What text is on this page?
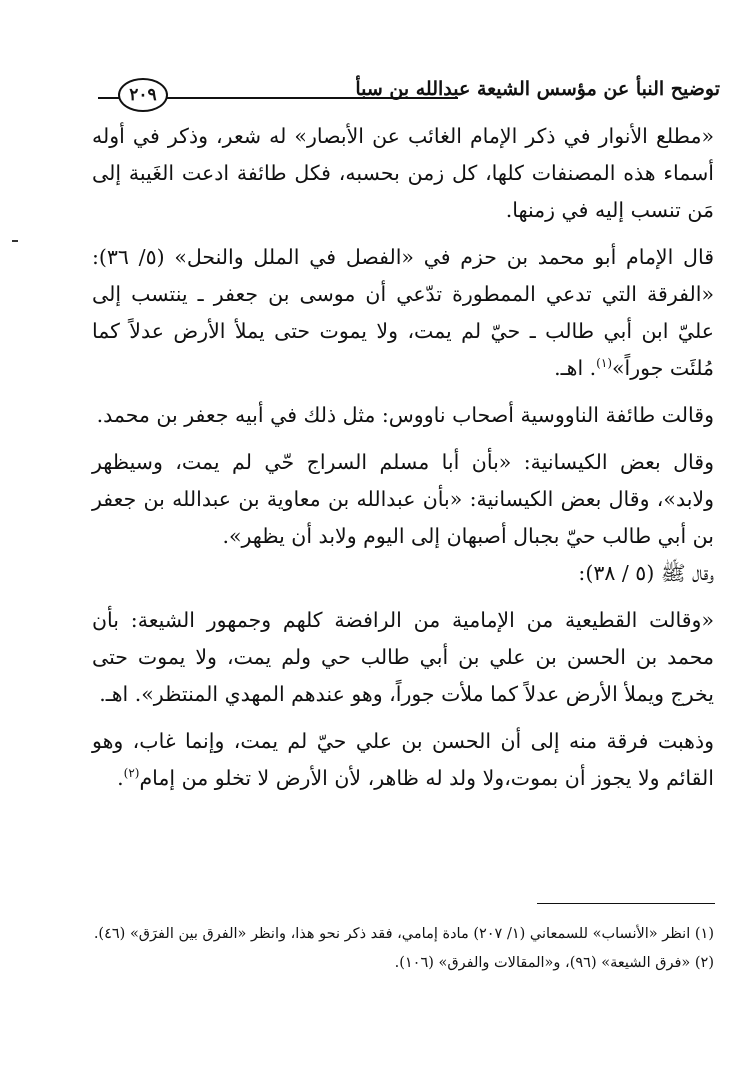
توضيح النبأ عن مؤسس الشيعة عبدالله بن سبأ
٢٠٩

«مطلع الأنوار في ذكر الإمام الغائب عن الأبصار» له شعر، وذكر في أوله أسماء هذه المصنفات كلها، كل زمن بحسبه، فكل طائفة ادعت الغَيبة إلى مَن تنسب إليه في زمنها.

قال الإمام أبو محمد بن حزم في «الفصل في الملل والنحل» (٥/ ٣٦): «الفرقة التي تدعي الممطورة تدّعي أن موسى بن جعفر ـ ينتسب إلى عليّ ابن أبي طالب ـ حيّ لم يمت، ولا يموت حتى يملأ الأرض عدلاً كما مُلئَت جوراً»$^{(١)}$. اهـ.

وقالت طائفة الناووسية أصحاب ناووس: مثل ذلك في أبيه جعفر بن محمد.

وقال بعض الكيسانية: «بأن أبا مسلم السراج حّي لم يمت، وسيظهر ولابد»، وقال بعض الكيسانية: «بأن عبدالله بن معاوية بن عبدالله بن جعفر بن أبي طالب حيّ بجبال أصبهان إلى اليوم ولابد أن يظهر».

وقال ﷺ (٥ / ٣٨):

«وقالت القطيعية من الإمامية من الرافضة كلهم وجمهور الشيعة: بأن محمد بن الحسن بن علي بن أبي طالب حي ولم يمت، ولا يموت حتى يخرج ويملأ الأرض عدلاً كما ملأت جوراً، وهو عندهم المهدي المنتظر». اهـ.

وذهبت فرقة منه إلى أن الحسن بن علي حيّ لم يمت، وإنما غاب، وهو القائم ولا يجوز أن بموت،ولا ولد له ظاهر، لأن الأرض لا تخلو من إمام$^{(٢)}$.

(١) انظر «الأنساب» للسمعاني (١/ ٢٠٧) مادة إمامي، فقد ذكر نحو هذا، وانظر «الفرق بين الفرَق» (٤٦).

(٢) «فرق الشيعة» (٩٦)، و«المقالات والفرق» (١٠٦).
